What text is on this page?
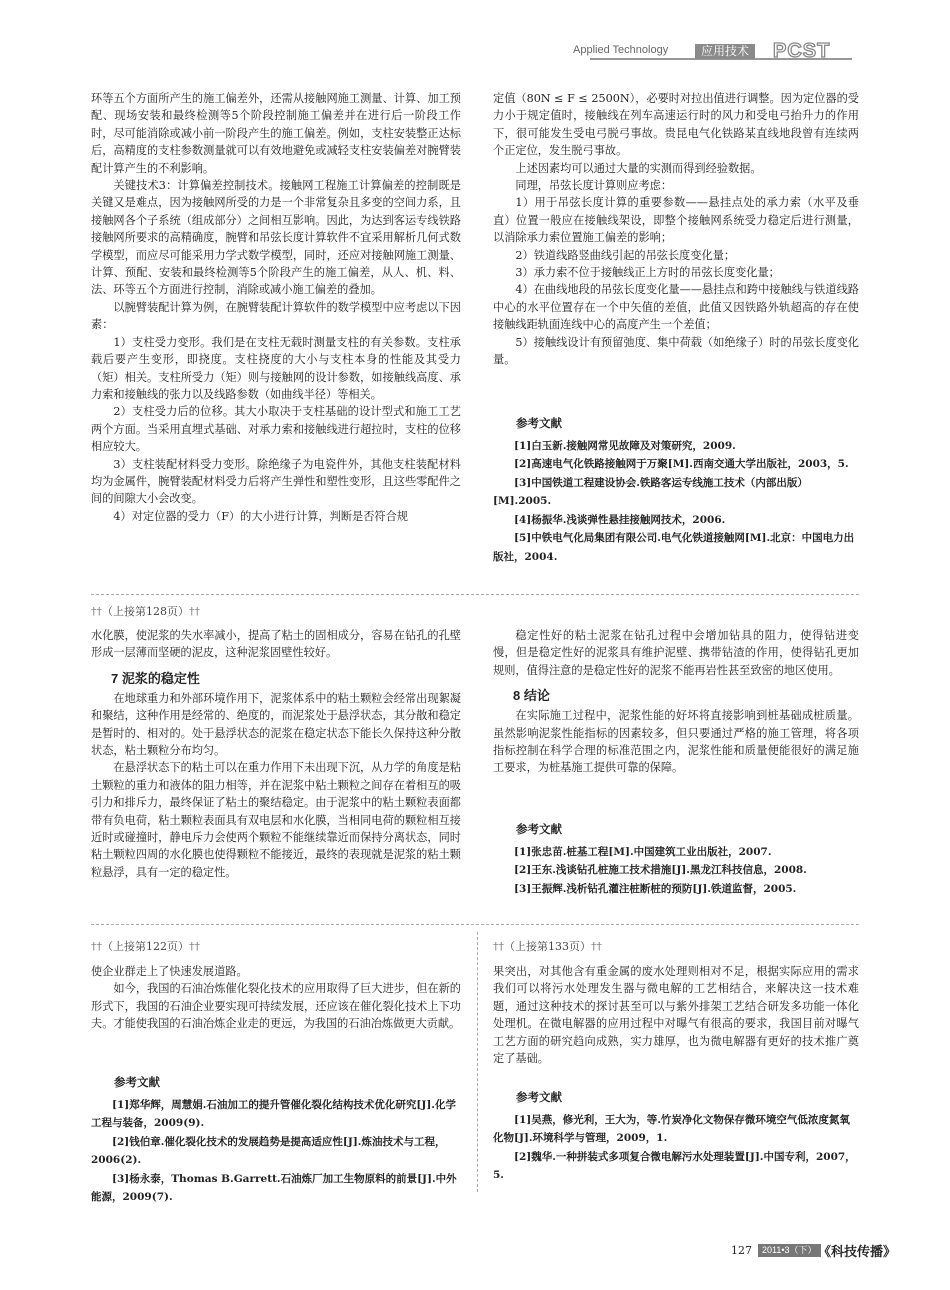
Applied Technology	应用技术	PCST

环等五个方面所产生的施工偏差外，还需从接触网施工测量、计算、加工预配、现场安装和最终检测等5个阶段控制施工偏差并在进行后一阶段工作时，尽可能消除或减小前一阶段产生的施工偏差。例如，支柱安装整正达标后，高精度的支柱参数测量就可以有效地避免或减轻支柱安装偏差对腕臂装配计算产生的不利影响。

关键技术3：计算偏差控制技术。接触网工程施工计算偏差的控制既是关键又是难点，因为接触网所受的力是一个非常复杂且多变的空间力系，且接触网各个子系统（组成部分）之间相互影响。因此，为达到客运专线铁路接触网所要求的高精确度，腕臂和吊弦长度计算软件不宜采用解析几何式数学模型，而应尽可能采用力学式数学模型，同时，还应对接触网施工测量、计算、预配、安装和最终检测等5个阶段产生的施工偏差，从人、机、料、法、环等五个方面进行控制，消除或减小施工偏差的叠加。

以腕臂装配计算为例，在腕臂装配计算软件的数学模型中应考虑以下因素：

1）支柱受力变形。我们是在支柱无载时测量支柱的有关参数。支柱承载后要产生变形，即挠度。支柱挠度的大小与支柱本身的性能及其受力（矩）相关。支柱所受力（矩）则与接触网的设计参数，如接触线高度、承力索和接触线的张力以及线路参数（如曲线半径）等相关。

2）支柱受力后的位移。其大小取决于支柱基础的设计型式和施工工艺两个方面。当采用直埋式基础、对承力索和接触线进行超拉时，支柱的位移相应较大。

3）支柱装配材料受力变形。除绝缘子为电瓷件外，其他支柱装配材料均为金属件，腕臂装配材料受力后将产生弹性和塑性变形，且这些零配件之间的间隙大小会改变。

4）对定位器的受力（F）的大小进行计算，判断是否符合规

定值（80N ≤ F ≤ 2500N），必要时对拉出值进行调整。因为定位器的受力小于规定值时，接触线在列车高速运行时的风力和受电弓抬升力的作用下，很可能发生受电弓脱弓事故。贵昆电气化铁路某直线地段曾有连续两个正定位，发生脱弓事故。

上述因素均可以通过大量的实测而得到经验数据。

同理，吊弦长度计算则应考虑：

1）用于吊弦长度计算的重要参数——悬挂点处的承力索（水平及垂直）位置一般应在接触线架设，即整个接触网系统受力稳定后进行测量，以消除承力索位置施工偏差的影响；

2）铁道线路竖曲线引起的吊弦长度变化量；

3）承力索不位于接触线正上方时的吊弦长度变化量；

4）在曲线地段的吊弦长度变化量——悬挂点和跨中接触线与铁道线路中心的水平位置存在一个中矢值的差值，此值又因铁路外轨超高的存在使接触线距轨面连线中心的高度产生一个差值；

5）接触线设计有预留弛度、集中荷载（如绝缘子）时的吊弦长度变化量。

参考文献

[1]白玉新.接触网常见故障及对策研究，2009.

[2]高速电气化铁路接触网于万聚[M].西南交通大学出版社，2003，5.

[3]中国铁道工程建设协会.铁路客运专线施工技术（内部出版）[M].2005.

[4]杨振华.浅谈弹性悬挂接触网技术，2006.

[5]中铁电气化局集团有限公司.电气化铁道接触网[M].北京：中国电力出版社，2004.

††（上接第128页）††

水化膜，使泥浆的失水率减小，提高了粘土的固相成分，容易在钻孔的孔壁形成一层薄而坚硬的泥皮，这种泥浆固壁性较好。

7 泥浆的稳定性

在地球重力和外部环境作用下，泥浆体系中的粘土颗粒会经常出现絮凝和聚结，这种作用是经常的、绝度的，而泥浆处于悬浮状态，其分散和稳定是暂时的、相对的。处于悬浮状态的泥浆在稳定状态下能长久保持这种分散状态，粘土颗粒分布均匀。

在悬浮状态下的粘土可以在重力作用下未出现下沉，从力学的角度是粘土颗粒的重力和液体的阻力相等，并在泥浆中粘土颗粒之间存在着相互的吸引力和排斥力，最终保证了粘土的聚结稳定。由于泥浆中的粘土颗粒表面都带有负电荷，粘土颗粒表面具有双电层和水化膜，当相同电荷的颗粒相互接近时或碰撞时，静电斥力会使两个颗粒不能继续靠近而保持分离状态，同时粘土颗粒四周的水化膜也使得颗粒不能接近，最终的表现就是泥浆的粘土颗粒悬浮，具有一定的稳定性。

稳定性好的粘土泥浆在钻孔过程中会增加钻具的阻力，使得钻进变慢，但是稳定性好的泥浆具有维护泥壁、携带钻渣的作用，使得钻孔更加规则，值得注意的是稳定性好的泥浆不能再岩性甚至致密的地区使用。

8 结论

在实际施工过程中，泥浆性能的好坏将直接影响到桩基础成桩质量。虽然影响泥浆性能指标的因素较多，但只要通过严格的施工管理，将各项指标控制在科学合理的标准范围之内，泥浆性能和质量便能很好的满足施工要求，为桩基施工提供可靠的保障。

参考文献

[1]张忠苗.桩基工程[M].中国建筑工业出版社，2007.

[2]王东.浅谈钻孔桩施工技术措施[J].黑龙江科技信息，2008.

[3]王振辉.浅析钻孔灌注桩断桩的预防[J].铁道监督，2005.

††（上接第122页）††	††（上接第133页）††

使企业群走上了快速发展道路。

如今，我国的石油冶炼催化裂化技术的应用取得了巨大进步，但在新的形式下，我国的石油企业要实现可持续发展，还应该在催化裂化技术上下功夫。才能使我国的石油冶炼企业走的更远，为我国的石油冶炼做更大贡献。

参考文献

[1]郑华辉，周慧娟.石油加工的提升管催化裂化结构技术优化研究[J].化学工程与装备，2009(9).

[2]钱伯章.催化裂化技术的发展趋势是提高适应性[J].炼油技术与工程，2006(2).

[3]杨永泰，Thomas B.Garrett.石油炼厂加工生物原料的前景[J].中外能源，2009(7).

果突出，对其他含有重金属的废水处理则相对不足，根据实际应用的需求我们可以将污水处理发生器与微电解的工艺相结合，来解决这一技术难题，通过这种技术的探讨甚至可以与紫外排架工艺结合研发多功能一体化处理机。在微电解器的应用过程中对曝气有很高的要求，我国目前对曝气工艺方面的研究趋向成熟，实力雄厚，也为微电解器有更好的技术推广奠定了基础。

参考文献

[1]吴燕，修光利，王大为，等.竹炭净化文物保存微环境空气低浓度氮氧化物[J].环境科学与管理，2009，1.

[2]魏华.一种拼装式多项复合微电解污水处理装置[J].中国专利，2007，5.

127	2011•3（下） 《科技传播》
